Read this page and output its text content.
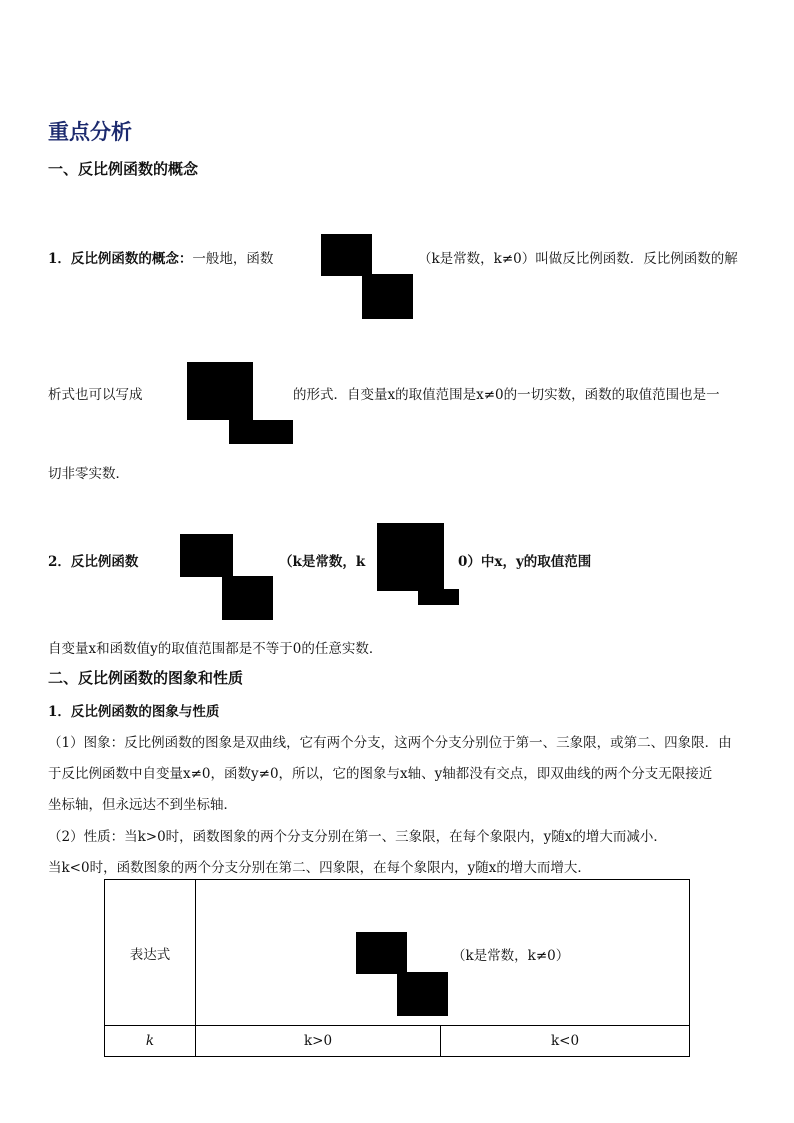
重点分析
一、反比例函数的概念
1．反比例函数的概念：一般地，函数	（k是常数，k≠0）叫做反比例函数．反比例函数的解
析式也可以写成	的形式．自变量x的取值范围是x≠0的一切实数，函数的取值范围也是一
切非零实数．
2．反比例函数	（k是常数，k	0）中x，y的取值范围
自变量x和函数值y的取值范围都是不等于0的任意实数．
二、反比例函数的图象和性质
1．反比例函数的图象与性质
（1）图象：反比例函数的图象是双曲线，它有两个分支，这两个分支分别位于第一、三象限，或第二、四象限．由
于反比例函数中自变量x≠0，函数y≠0，所以，它的图象与x轴、y轴都没有交点，即双曲线的两个分支无限接近
坐标轴，但永远达不到坐标轴．
（2）性质：当k>0时，函数图象的两个分支分别在第一、三象限，在每个象限内，y随x的增大而减小．
当k<0时，函数图象的两个分支分别在第二、四象限，在每个象限内，y随x的增大而增大．
表达式	（k是常数，k≠0）	

k	k>0	k<0
